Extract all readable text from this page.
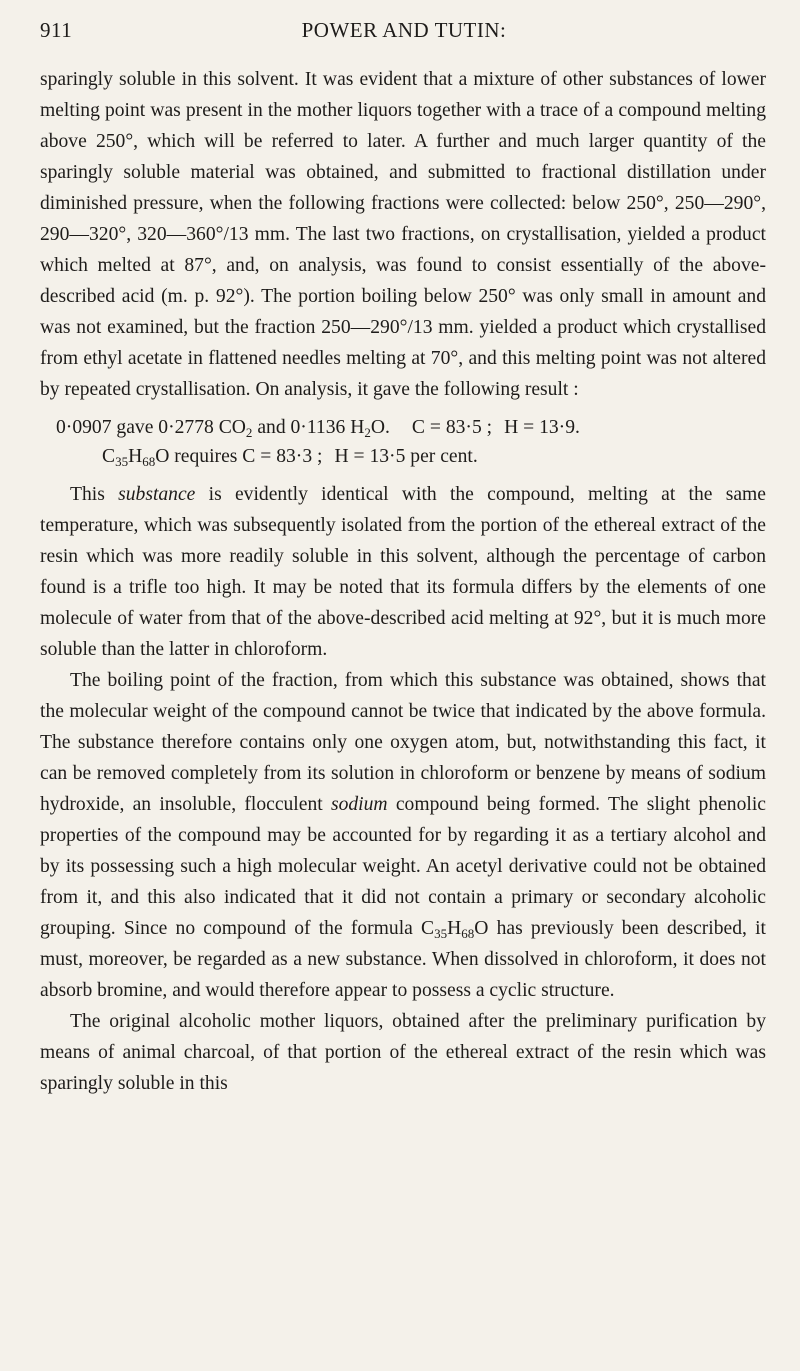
911	POWER AND TUTIN:

sparingly soluble in this solvent. It was evident that a mixture of other substances of lower melting point was present in the mother liquors together with a trace of a compound melting above 250°, which will be referred to later. A further and much larger quantity of the sparingly soluble material was obtained, and submitted to fractional distillation under diminished pressure, when the following fractions were collected: below 250°, 250—290°, 290—320°, 320—360°/13 mm. The last two fractions, on crystallisation, yielded a product which melted at 87°, and, on analysis, was found to consist essentially of the above-described acid (m. p. 92°). The portion boiling below 250° was only small in amount and was not examined, but the fraction 250—290°/13 mm. yielded a product which crystallised from ethyl acetate in flattened needles melting at 70°, and this melting point was not altered by repeated crystallisation. On analysis, it gave the following result :

0·0907 gave 0·2778 $CO_2$ and 0·1136 $H_2O$. C = 83·5 ; H = 13·9.
$C_{35}H_{68}O$ requires C = 83·3 ; H = 13·5 per cent.

This substance is evidently identical with the compound, melting at the same temperature, which was subsequently isolated from the portion of the ethereal extract of the resin which was more readily soluble in this solvent, although the percentage of carbon found is a trifle too high. It may be noted that its formula differs by the elements of one molecule of water from that of the above-described acid melting at 92°, but it is much more soluble than the latter in chloroform.

The boiling point of the fraction, from which this substance was obtained, shows that the molecular weight of the compound cannot be twice that indicated by the above formula. The substance therefore contains only one oxygen atom, but, notwithstanding this fact, it can be removed completely from its solution in chloroform or benzene by means of sodium hydroxide, an insoluble, flocculent sodium compound being formed. The slight phenolic properties of the compound may be accounted for by regarding it as a tertiary alcohol and by its possessing such a high molecular weight. An acetyl derivative could not be obtained from it, and this also indicated that it did not contain a primary or secondary alcoholic grouping. Since no compound of the formula $C_{35}H_{68}O$ has previously been described, it must, moreover, be regarded as a new substance. When dissolved in chloroform, it does not absorb bromine, and would therefore appear to possess a cyclic structure.

The original alcoholic mother liquors, obtained after the preliminary purification by means of animal charcoal, of that portion of the ethereal extract of the resin which was sparingly soluble in this
